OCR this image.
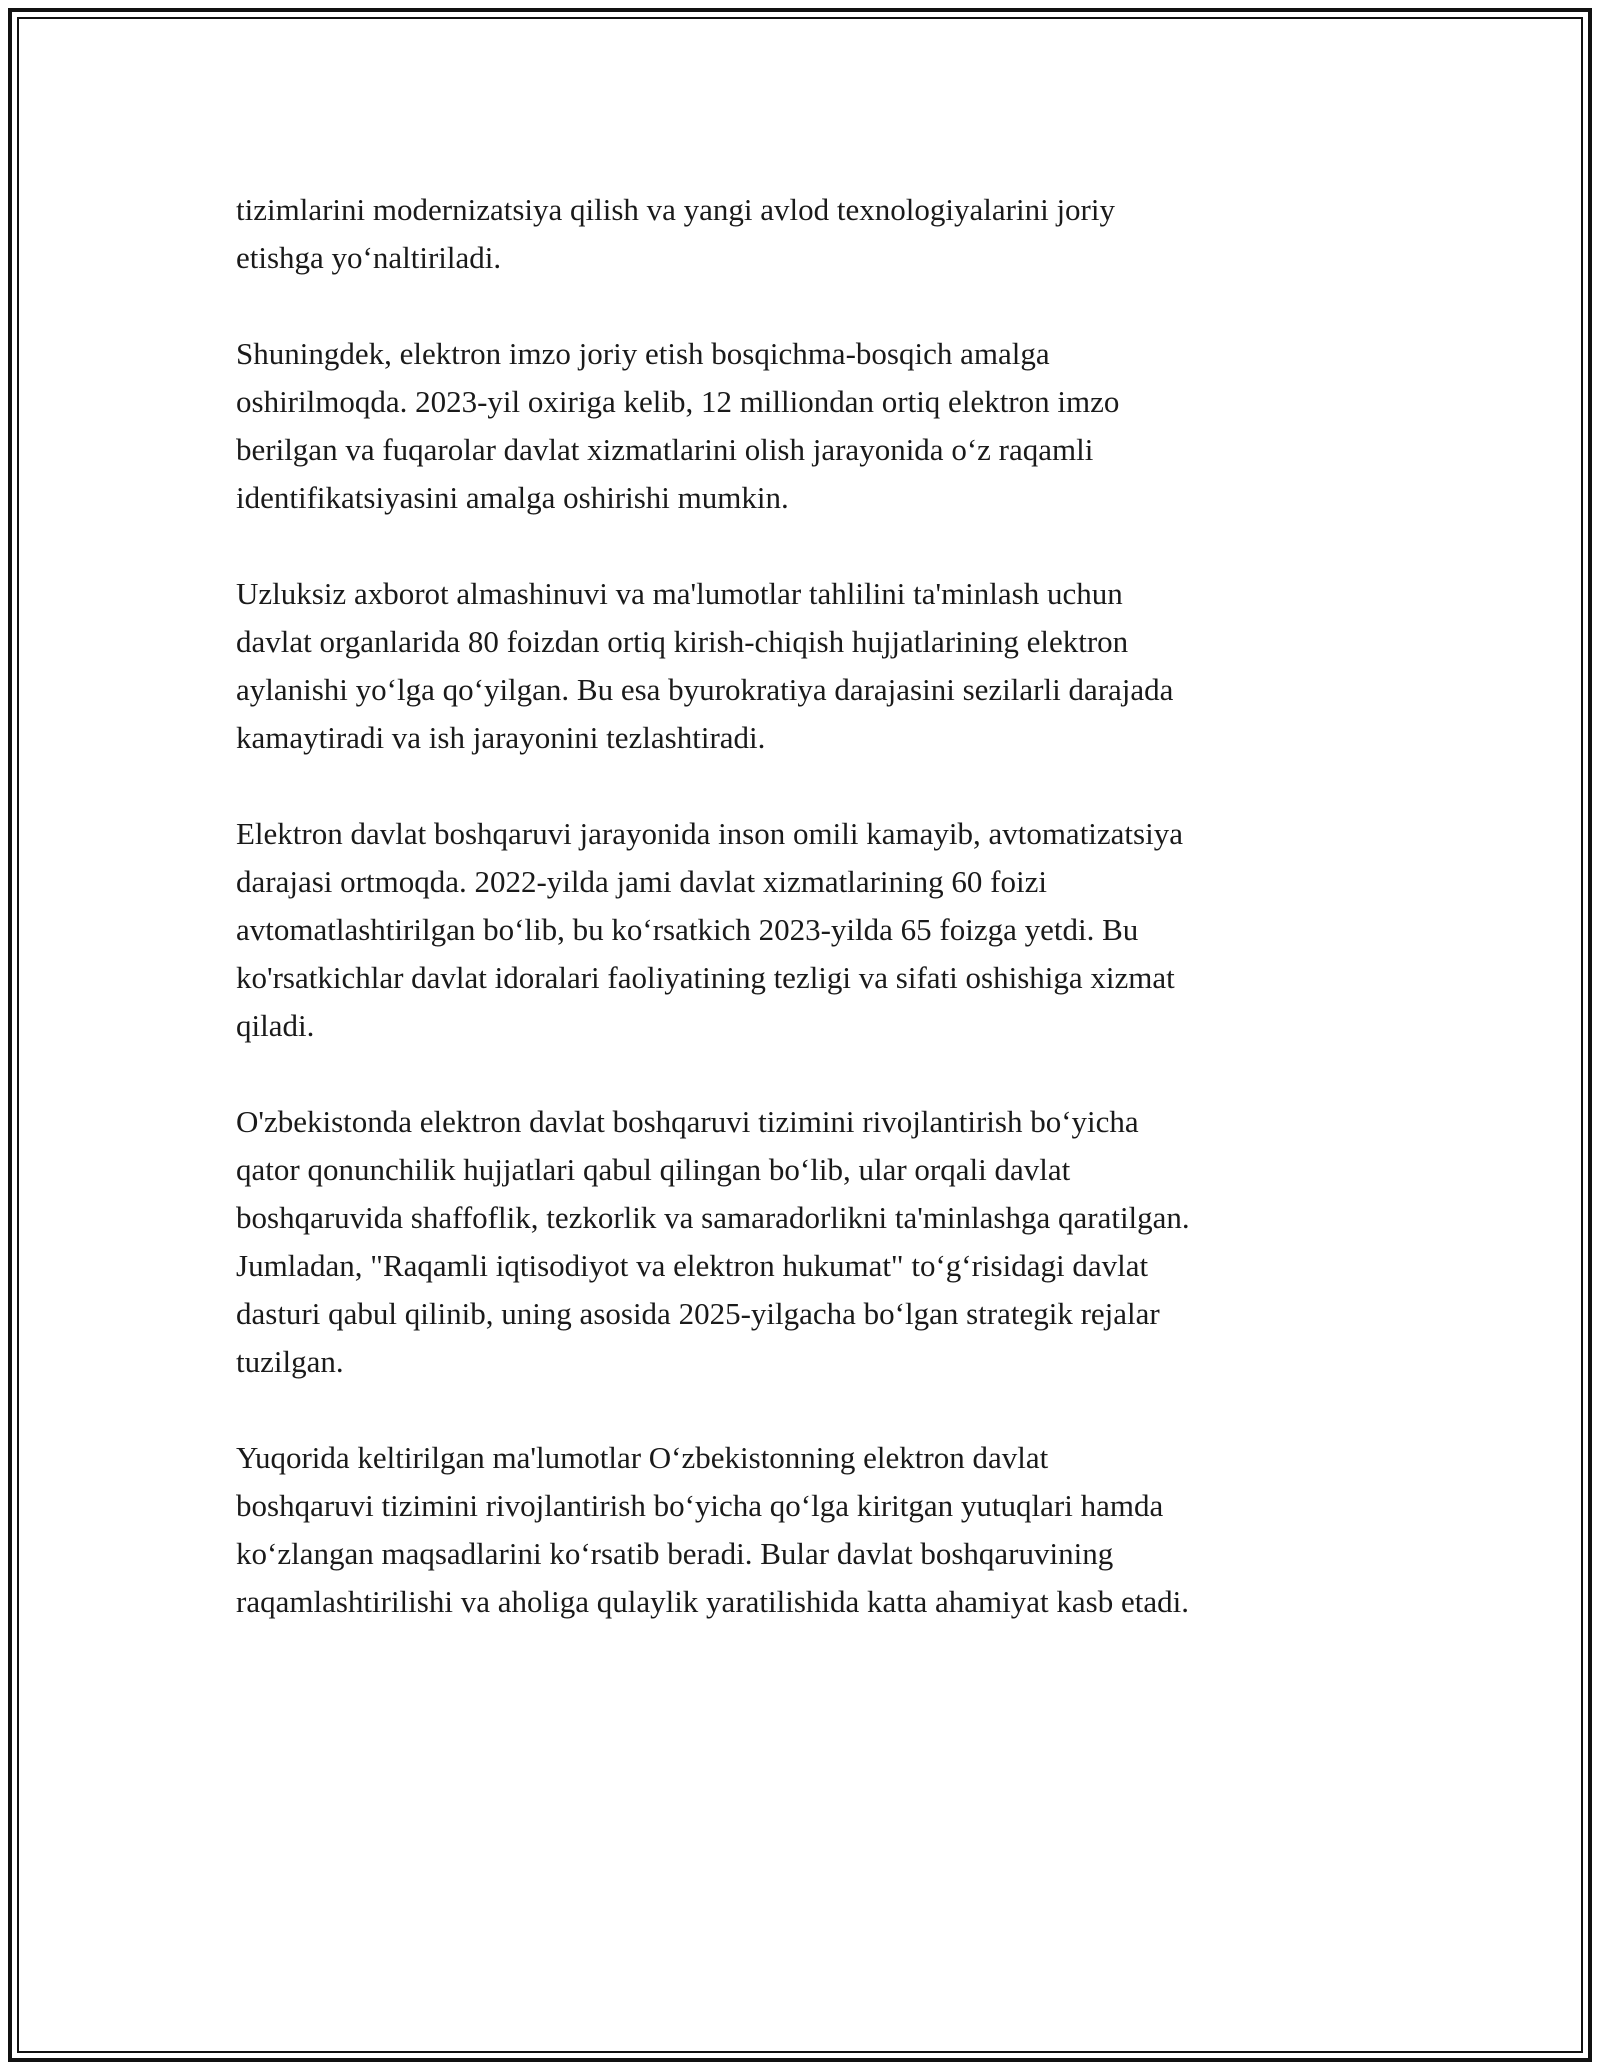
tizimlarini modernizatsiya qilish va yangi avlod texnologiyalarini joriy
etishga yo‘naltiriladi.

Shuningdek, elektron imzo joriy etish bosqichma-bosqich amalga
oshirilmoqda. 2023-yil oxiriga kelib, 12 milliondan ortiq elektron imzo
berilgan va fuqarolar davlat xizmatlarini olish jarayonida o‘z raqamli
identifikatsiyasini amalga oshirishi mumkin.

Uzluksiz axborot almashinuvi va ma'lumotlar tahlilini ta'minlash uchun
davlat organlarida 80 foizdan ortiq kirish-chiqish hujjatlarining elektron
aylanishi yo‘lga qo‘yilgan. Bu esa byurokratiya darajasini sezilarli darajada
kamaytiradi va ish jarayonini tezlashtiradi.

Elektron davlat boshqaruvi jarayonida inson omili kamayib, avtomatizatsiya
darajasi ortmoqda. 2022-yilda jami davlat xizmatlarining 60 foizi
avtomatlashtirilgan bo‘lib, bu ko‘rsatkich 2023-yilda 65 foizga yetdi. Bu
ko'rsatkichlar davlat idoralari faoliyatining tezligi va sifati oshishiga xizmat
qiladi.

O'zbekistonda elektron davlat boshqaruvi tizimini rivojlantirish bo‘yicha
qator qonunchilik hujjatlari qabul qilingan bo‘lib, ular orqali davlat
boshqaruvida shaffoflik, tezkorlik va samaradorlikni ta'minlashga qaratilgan.
Jumladan, "Raqamli iqtisodiyot va elektron hukumat" to‘g‘risidagi davlat
dasturi qabul qilinib, uning asosida 2025-yilgacha bo‘lgan strategik rejalar
tuzilgan.

Yuqorida keltirilgan ma'lumotlar O‘zbekistonning elektron davlat
boshqaruvi tizimini rivojlantirish bo‘yicha qo‘lga kiritgan yutuqlari hamda
ko‘zlangan maqsadlarini ko‘rsatib beradi. Bular davlat boshqaruvining
raqamlashtirilishi va aholiga qulaylik yaratilishida katta ahamiyat kasb etadi.
